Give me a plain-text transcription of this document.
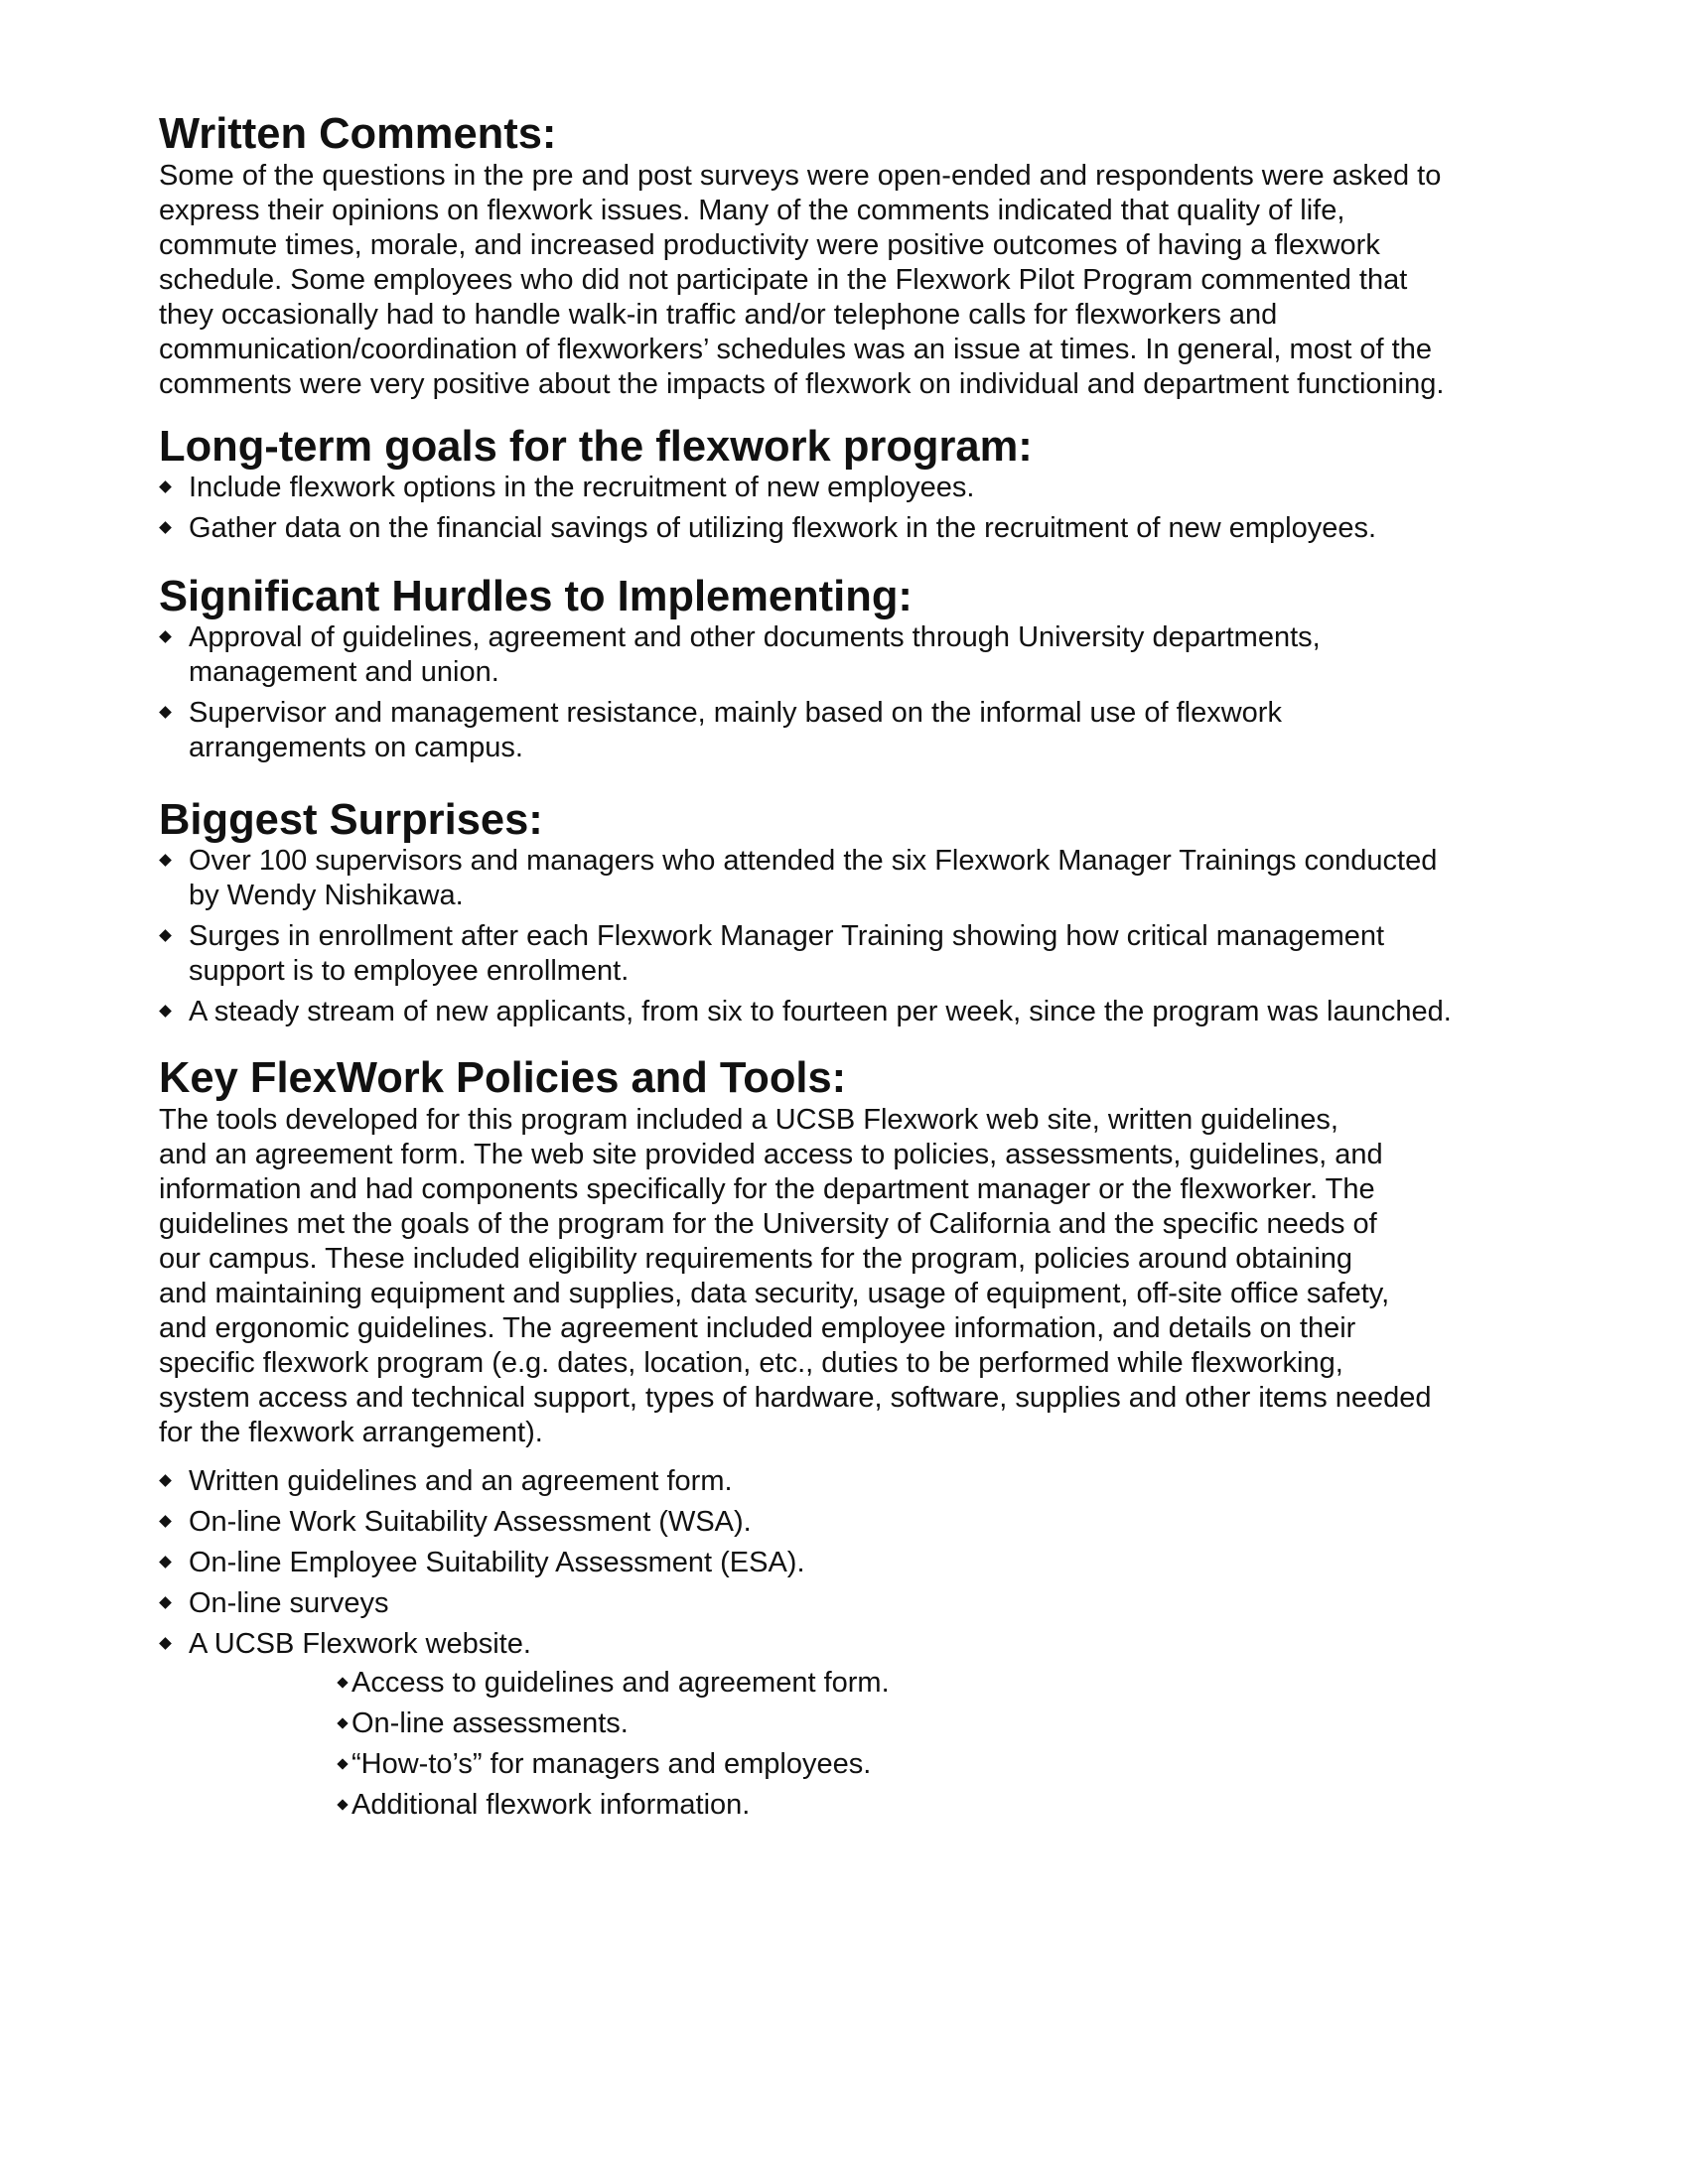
Written Comments:

Some of the questions in the pre and post surveys were open-ended and respondents were asked to
express their opinions on flexwork issues. Many of the comments indicated that quality of life,
commute times, morale, and increased productivity were positive outcomes of having a flexwork
schedule. Some employees who did not participate in the Flexwork Pilot Program commented that
they occasionally had to handle walk-in traffic and/or telephone calls for flexworkers and
communication/coordination of flexworkers’ schedules was an issue at times. In general, most of the
comments were very positive about the impacts of flexwork on individual and department functioning.

Long-term goals for the flexwork program:
Include flexwork options in the recruitment of new employees.
Gather data on the financial savings of utilizing flexwork in the recruitment of new employees.
Significant Hurdles to Implementing:
Approval of guidelines, agreement and other documents through University departments,
management and union.
Supervisor and management resistance, mainly based on the informal use of flexwork
arrangements on campus.
Biggest Surprises:
Over 100 supervisors and managers who attended the six Flexwork Manager Trainings conducted
by Wendy Nishikawa.
Surges in enrollment after each Flexwork Manager Training showing how critical management
support is to employee enrollment.
A steady stream of new applicants, from six to fourteen per week, since the program was launched.
Key FlexWork Policies and Tools:

The tools developed for this program included a UCSB Flexwork web site, written guidelines,
and an agreement form. The web site provided access to policies, assessments, guidelines, and
information and had components specifically for the department manager or the flexworker. The
guidelines met the goals of the program for the University of California and the specific needs of
our campus. These included eligibility requirements for the program, policies around obtaining
and maintaining equipment and supplies, data security, usage of equipment, off-site office safety,
and ergonomic guidelines. The agreement included employee information, and details on their
specific flexwork program (e.g. dates, location, etc., duties to be performed while flexworking,
system access and technical support, types of hardware, software, supplies and other items needed
for the flexwork arrangement).

Written guidelines and an agreement form.
On-line Work Suitability Assessment (WSA).
On-line Employee Suitability Assessment (ESA).
On-line surveys
A UCSB Flexwork website.
Access to guidelines and agreement form.
On-line assessments.
“How-to’s” for managers and employees.
Additional flexwork information.
